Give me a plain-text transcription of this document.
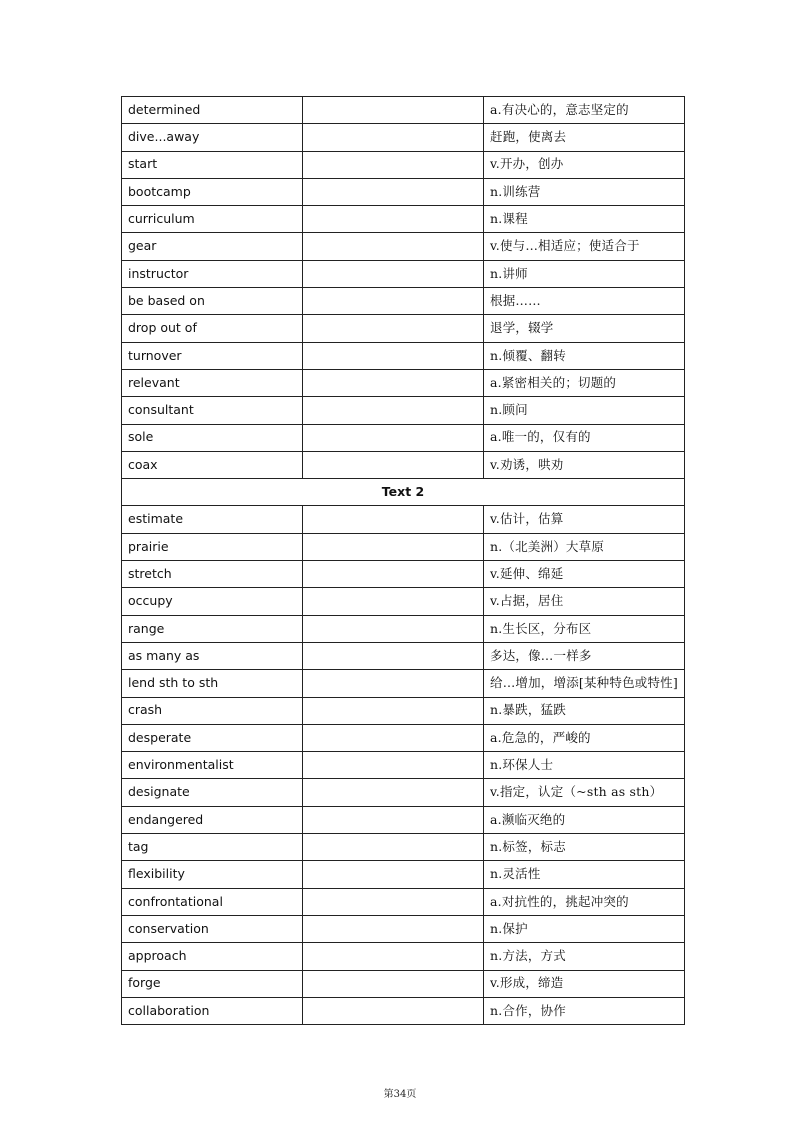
determined		a.有决心的，意志坚定的
dive...away		赶跑，使离去
start		v.开办，创办
bootcamp		n.训练营
curriculum		n.课程
gear		v.使与…相适应；使适合于
instructor		n.讲师
be based on		根据……
drop out of		退学，辍学
turnover		n.倾覆、翻转
relevant		a.紧密相关的；切题的
consultant		n.顾问
sole		a.唯一的，仅有的
coax		v.劝诱，哄劝
Text 2		
estimate		v.估计，估算
prairie		n.（北美洲）大草原
stretch		v.延伸、绵延
occupy		v.占据，居住
range		n.生长区，分布区
as many as		多达，像…一样多
lend sth to sth		给…增加，增添[某种特色或特性]
crash		n.暴跌，猛跌
desperate		a.危急的，严峻的
environmentalist		n.环保人士
designate		v.指定，认定（~sth as sth）
endangered		a.濒临灭绝的
tag		n.标签，标志
flexibility		n.灵活性
confrontational		a.对抗性的，挑起冲突的
conservation		n.保护
approach		n.方法，方式
forge		v.形成，缔造
collaboration		n.合作，协作
第34页
